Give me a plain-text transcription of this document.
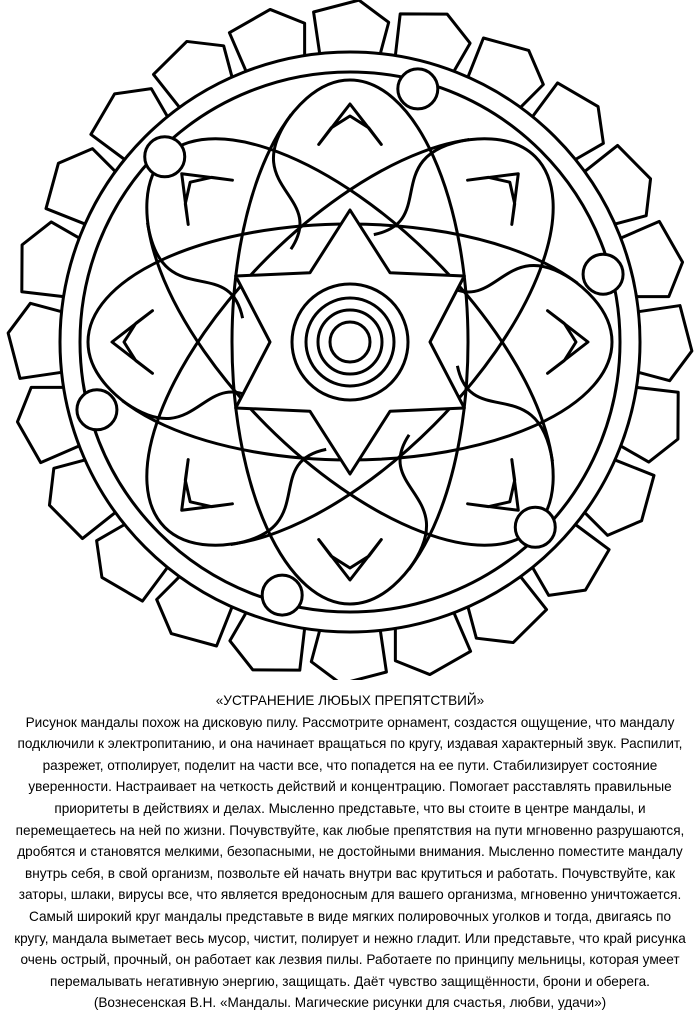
«УСТРАНЕНИЕ ЛЮБЫХ ПРЕПЯТСТВИЙ»
Рисунок мандалы похож на дисковую пилу. Рассмотрите орнамент, создастся ощущение, что мандалу
подключили к электропитанию, и она начинает вращаться по кругу, издавая характерный звук. Распилит,
разрежет, отполирует, поделит на части все, что попадется на ее пути. Стабилизирует состояние
уверенности. Настраивает на четкость действий и концентрацию. Помогает расставлять правильные
приоритеты в действиях и делах. Мысленно представьте, что вы стоите в центре мандалы, и
перемещаетесь на ней по жизни. Почувствуйте, как любые препятствия на пути мгновенно разрушаются,
дробятся и становятся мелкими, безопасными, не достойными внимания. Мысленно поместите мандалу
внутрь себя, в свой организм, позвольте ей начать внутри вас крутиться и работать. Почувствуйте, как
заторы, шлаки, вирусы все, что является вредоносным для вашего организма, мгновенно уничтожается.
Самый широкий круг мандалы представьте в виде мягких полировочных уголков и тогда, двигаясь по
кругу, мандала выметает весь мусор, чистит, полирует и нежно гладит. Или представьте, что край рисунка
очень острый, прочный, он работает как лезвия пилы. Работаете по принципу мельницы, которая умеет
перемалывать негативную энергию, защищать. Даёт чувство защищённости, брони и оберега.
(Вознесенская В.Н. «Мандалы. Магические рисунки для счастья, любви, удачи»)
